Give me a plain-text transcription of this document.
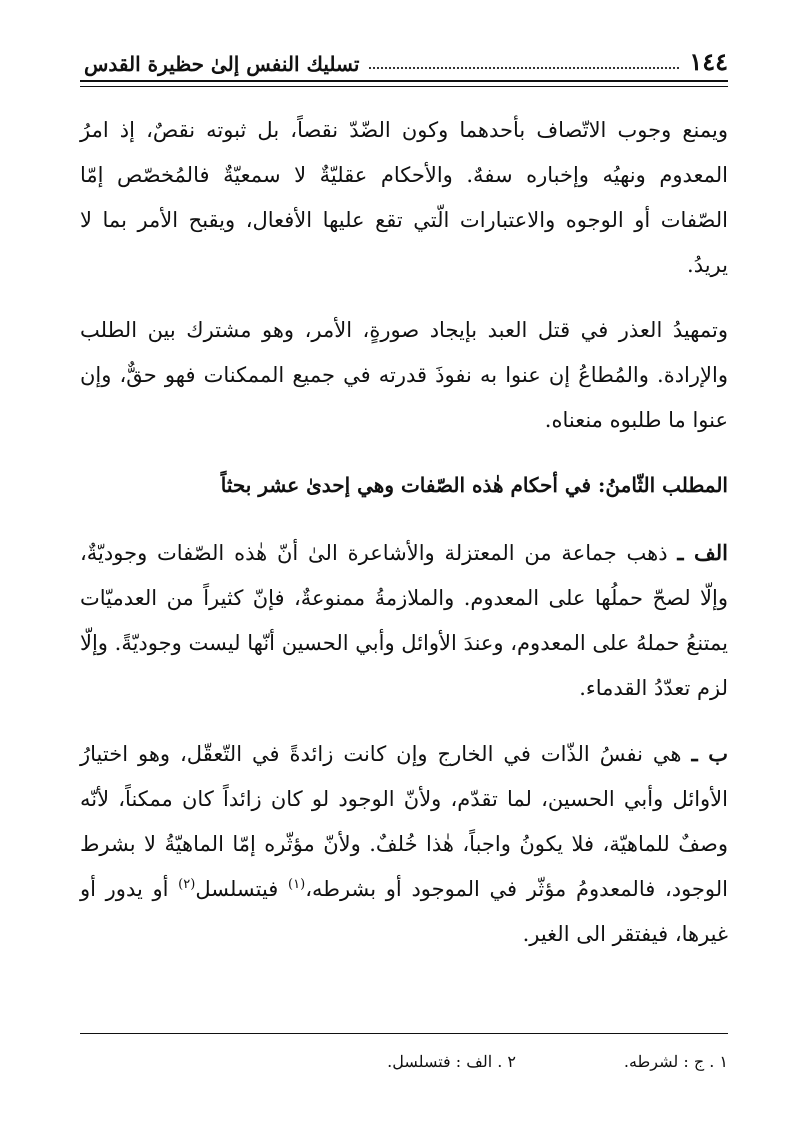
١٤٤
تسليك النفس إلىٰ حظيرة القدس

ويمنع وجوب الاتّصاف بأحدهما وكون الضّدّ نقصاً، بل ثبوته نقصٌ، إذ امرُ المعدوم ونهيُه وإخباره سفهٌ. والأحكام عقليّةٌ لا سمعيّةٌ فالمُخصّص إمّا الصّفات أو الوجوه والاعتبارات الّتي تقع عليها الأفعال، ويقبح الأمر بما لا يريدُ.

وتمهيدُ العذر في قتل العبد بإيجاد صورةٍ، الأمر، وهو مشترك بين الطلب والإرادة. والمُطاعُ إن عنوا به نفوذَ قدرته في جميع الممكنات فهو حقٌّ، وإن عنوا ما طلبوه منعناه.

المطلب الثّامنُ: في أحكام هٰذه الصّفات وهي إحدىٰ عشر بحثاً

الف ـ ذهب جماعة من المعتزلة والأشاعرة الىٰ أنّ هٰذه الصّفات وجوديّةٌ، وإلّا لصحّ حملُها على المعدوم. والملازمةُ ممنوعةٌ، فإنّ كثيراً من العدميّات يمتنعُ حملهُ على المعدوم، وعندَ الأوائل وأبي الحسين أنّها ليست وجوديّةً. وإلّا لزم تعدّدُ القدماء.

ب ـ هي نفسُ الذّات في الخارج وإن كانت زائدةً في التّعقّل، وهو اختيارُ الأوائل وأبي الحسين، لما تقدّم، ولأنّ الوجود لو كان زائداً كان ممكناً، لأنّه وصفٌ للماهيّة، فلا يكونُ واجباً، هٰذا خُلفٌ. ولأنّ مؤثّره إمّا الماهيّةُ لا بشرط الوجود، فالمعدومُ مؤثّر في الموجود أو بشرطه،$^{(١)}$ فيتسلسل$^{(٢)}$ أو يدور أو غيرها، فيفتقر الى الغير.

١ . ج : لشرطه.
٢ . الف : فتسلسل.
